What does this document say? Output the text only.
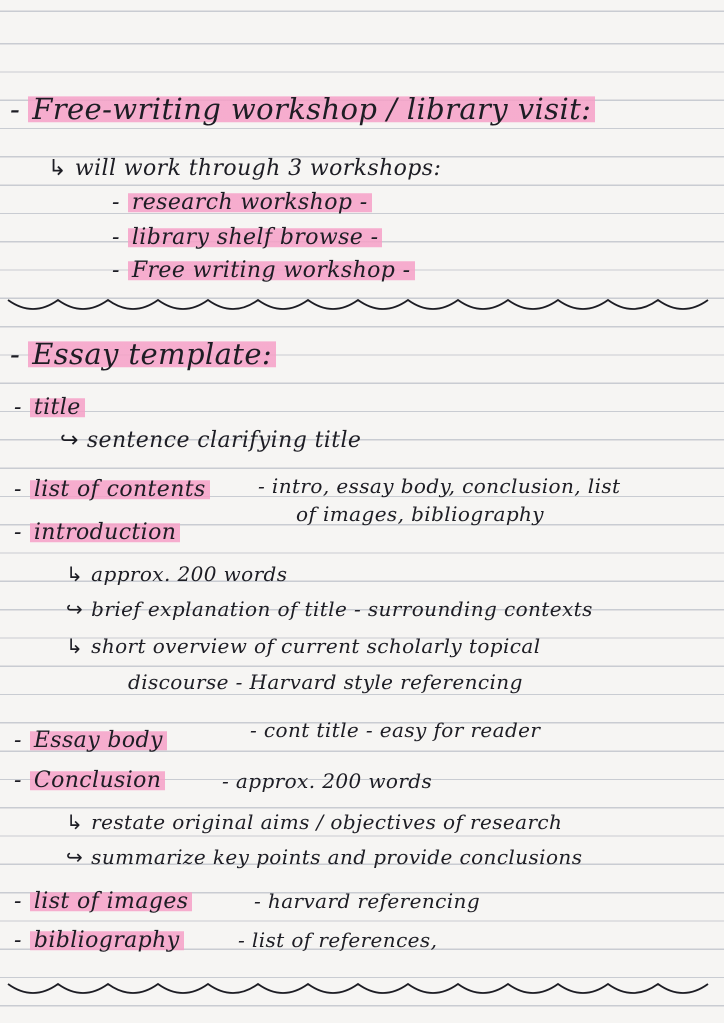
- Free-writing workshop / library visit:
↳ will work through 3 workshops:
- research workshop -
- library shelf browse -
- Free writing workshop -
- Essay template:
- title
↪ sentence clarifying title
- list of contents	- intro, essay body, conclusion, list
of images, bibliography
- introduction
↳ approx. 200 words
↪ brief explanation of title - surrounding contexts
↳ short overview of current scholarly topical
discourse - Harvard style referencing
- Essay body	- cont title - easy for reader
- Conclusion	- approx. 200 words
↳ restate original aims / objectives of research
↪ summarize key points and provide conclusions
- list of images	- harvard referencing
- bibliography	- list of references,
